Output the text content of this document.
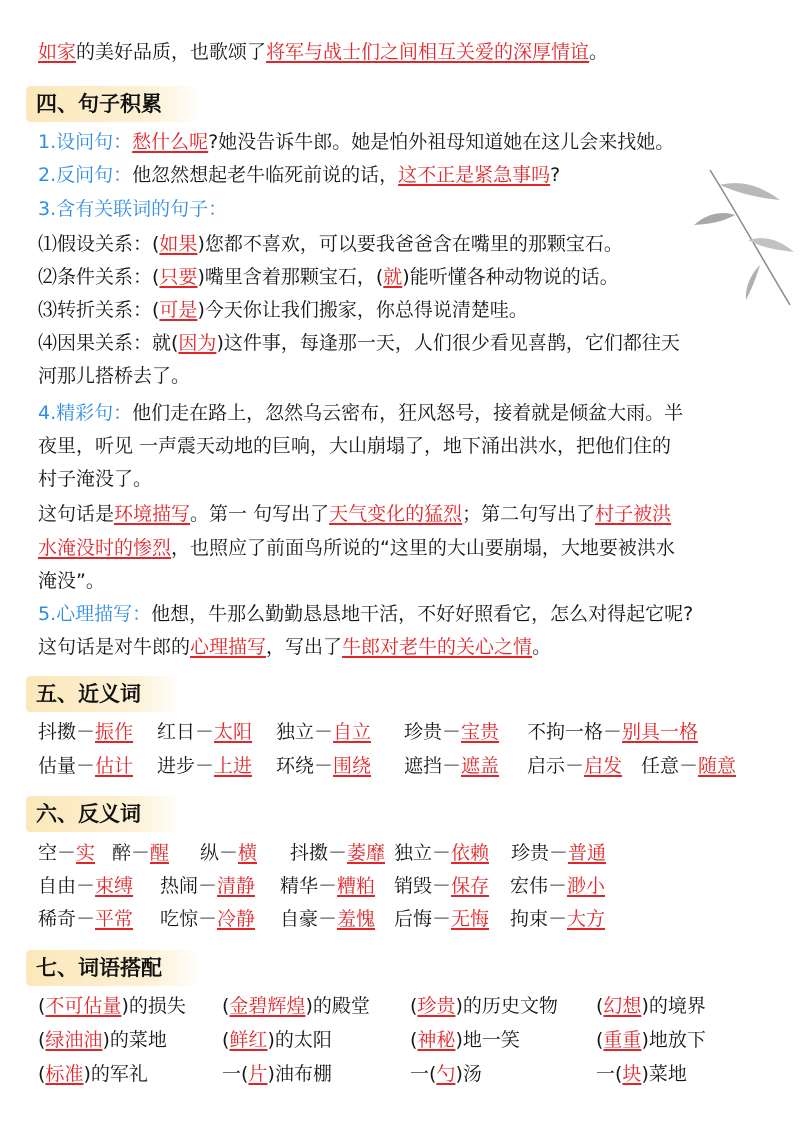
如家的美好品质，也歌颂了将军与战士们之间相互关爱的深厚情谊。
四、句子积累
1.设问句：愁什么呢?她没告诉牛郎。她是怕外祖母知道她在这儿会来找她。
2.反问句：他忽然想起老牛临死前说的话，这不正是紧急事吗?
3.含有关联词的句子：
⑴假设关系：(如果)您都不喜欢，可以要我爸爸含在嘴里的那颗宝石。
⑵条件关系：(只要)嘴里含着那颗宝石，(就)能听懂各种动物说的话。
⑶转折关系：(可是)今天你让我们搬家，你总得说清楚哇。
⑷因果关系：就(因为)这件事，每逢那一天，人们很少看见喜鹊，它们都往天
河那儿搭桥去了。
4.精彩句：他们走在路上，忽然乌云密布，狂风怒号，接着就是倾盆大雨。半
夜里，听见 一声震天动地的巨响，大山崩塌了，地下涌出洪水，把他们住的
村子淹没了。
这句话是环境描写。第一 句写出了天气变化的猛烈；第二句写出了村子被洪
水淹没时的惨烈，也照应了前面鸟所说的“这里的大山要崩塌，大地要被洪水
淹没”。
5.心理描写：他想，牛那么勤勤恳恳地干活，不好好照看它，怎么对得起它呢?
这句话是对牛郎的心理描写，写出了牛郎对老牛的关心之情。
五、近义词
抖擞－振作 红日－太阳 独立－自立 珍贵－宝贵 不拘一格－别具一格
估量－估计 进步－上进 环绕－围绕 遮挡－遮盖 启示－启发 任意－随意
六、反义词
空－实 醉－醒 纵－横 抖擞－萎靡 独立－依赖 珍贵－普通
自由－束缚 热闹－清静 精华－糟粕 销毁－保存 宏伟－渺小
稀奇－平常 吃惊－冷静 自豪－羞愧 后悔－无悔 拘束－大方
七、词语搭配
(不可估量)的损失 (金碧辉煌)的殿堂 (珍贵)的历史文物 (幻想)的境界
(绿油油)的菜地	(鲜红)的太阳	(神秘)地一笑	(重重)地放下
(标准)的军礼	一(片)油布棚	一(勺)汤	一(块)菜地
